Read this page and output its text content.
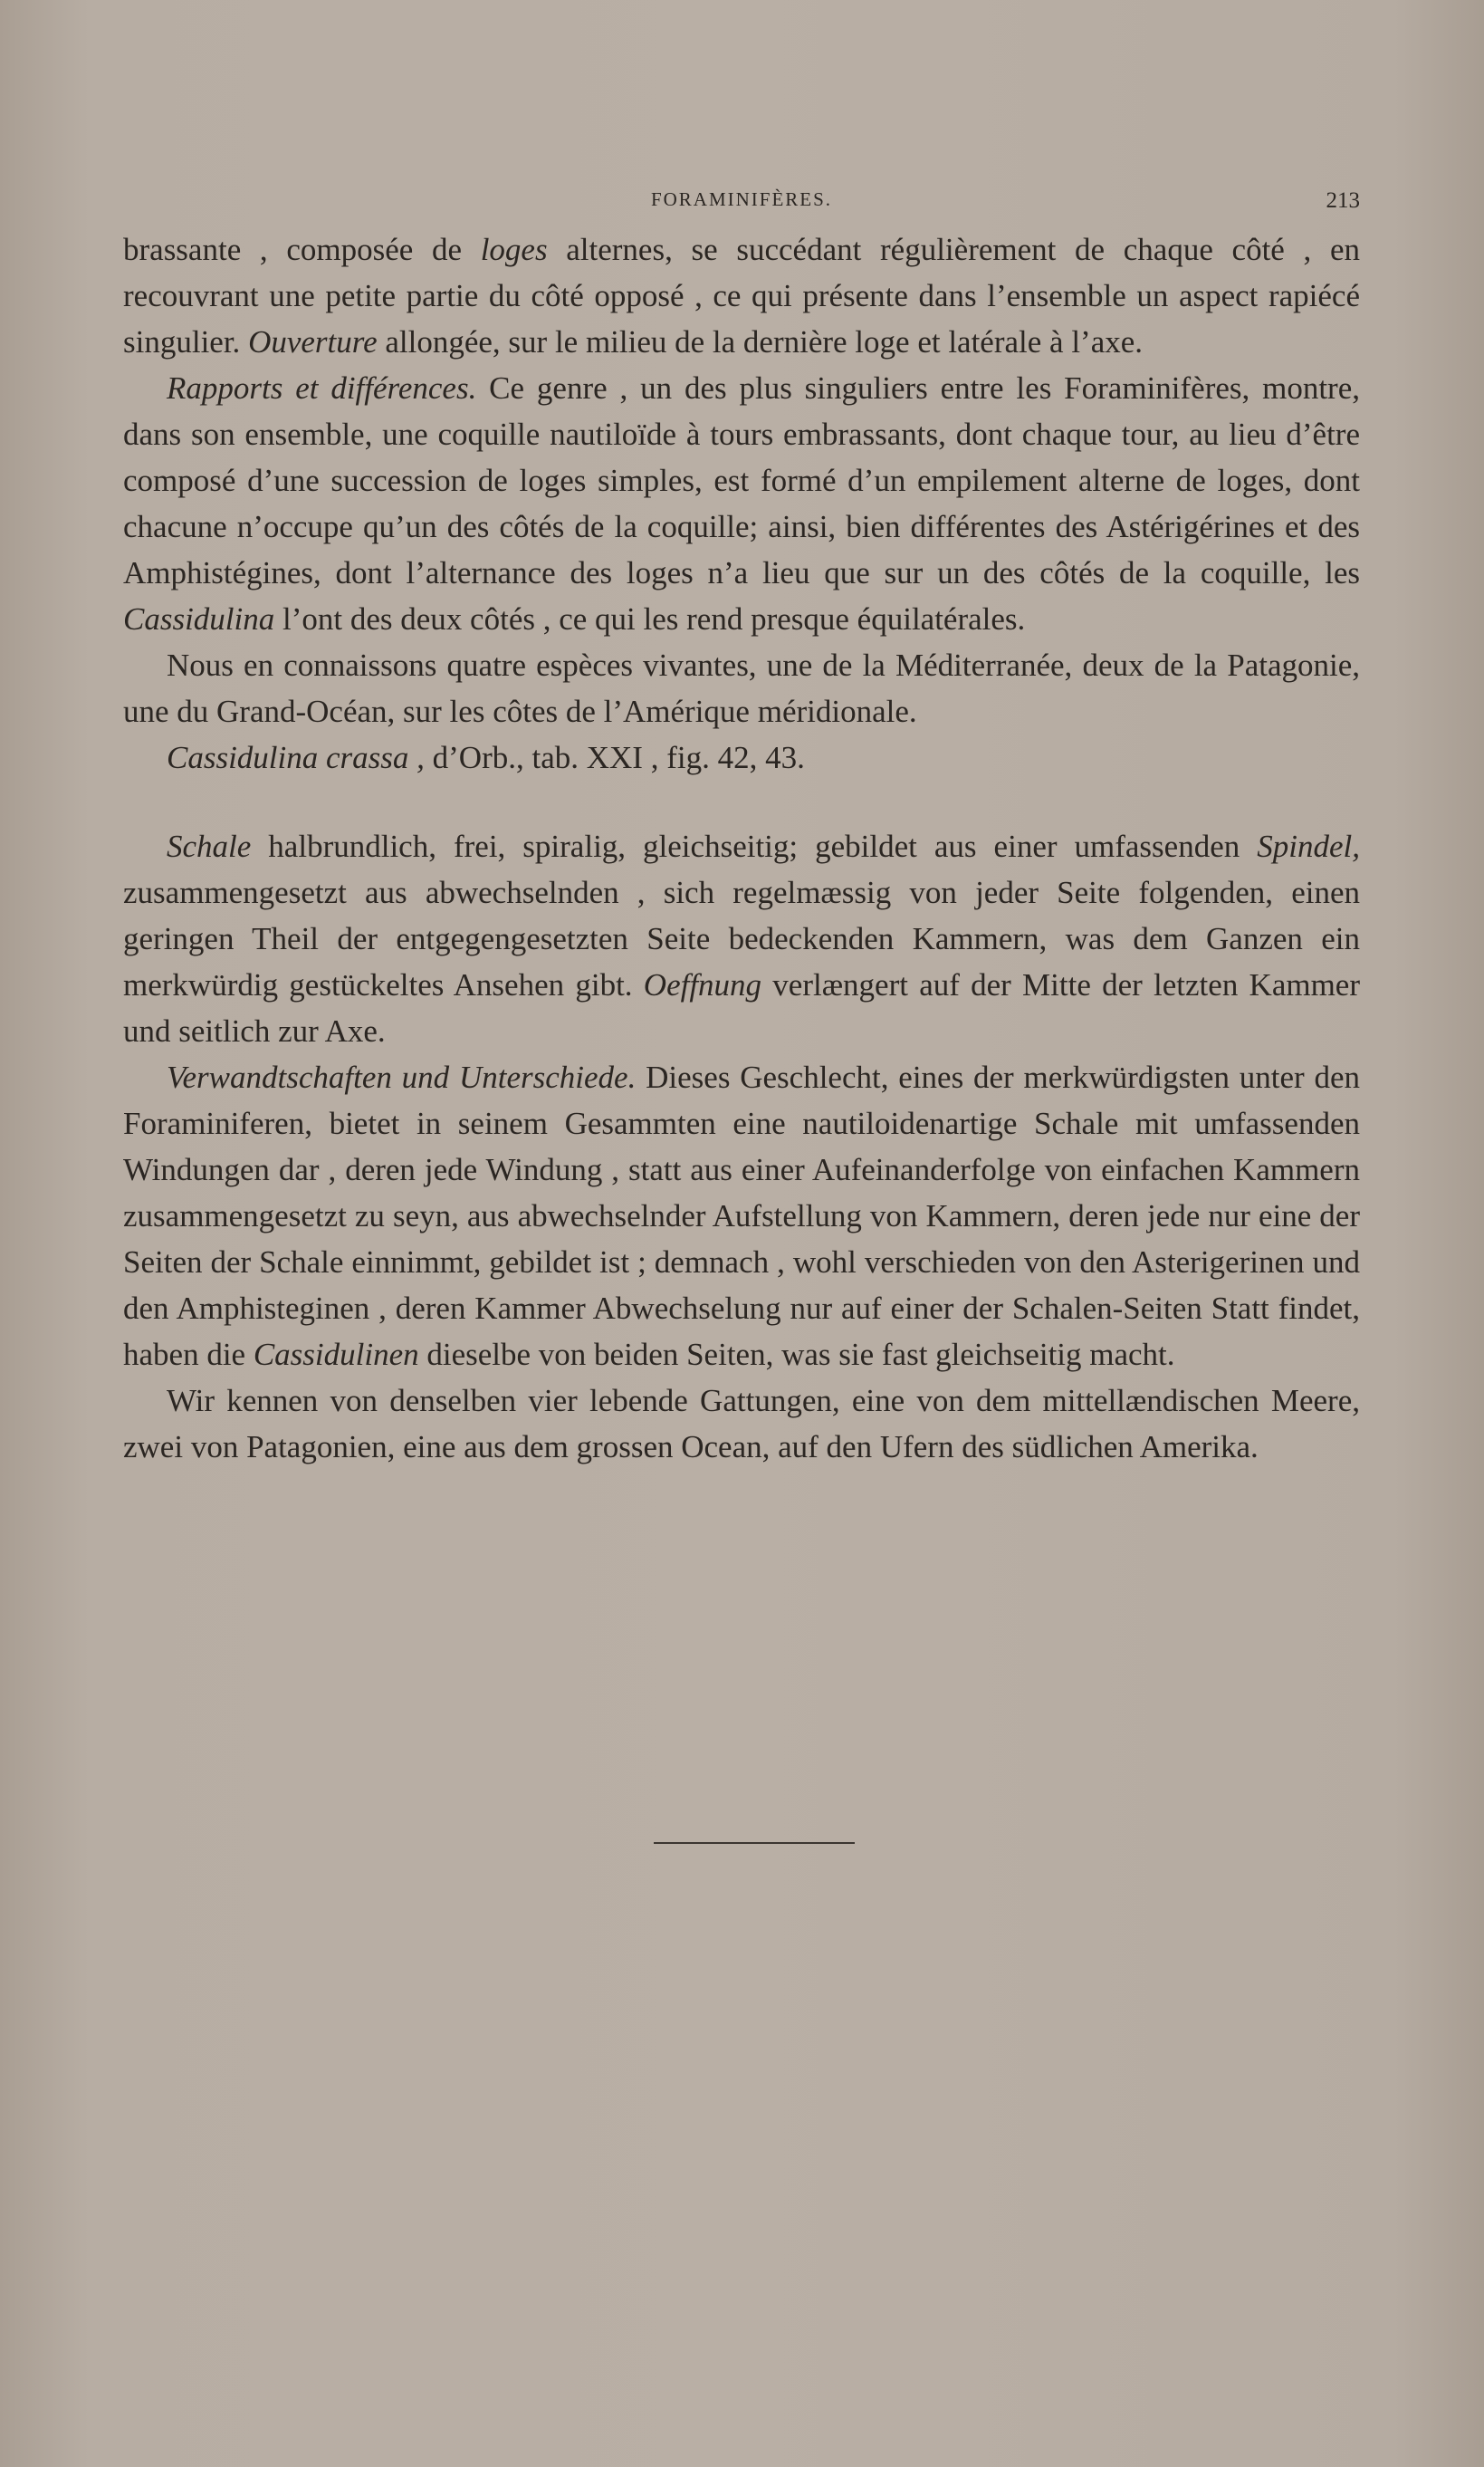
FORAMINIFÈRES.	213

brassante , composée de loges alternes, se succédant régulièrement de chaque côté , en recouvrant une petite partie du côté opposé , ce qui présente dans l’ensemble un aspect rapiécé singulier. Ouverture allongée, sur le milieu de la dernière loge et latérale à l’axe.

Rapports et différences. Ce genre , un des plus singuliers entre les Foraminifères, montre, dans son ensemble, une coquille nautiloïde à tours embrassants, dont chaque tour, au lieu d’être composé d’une succession de loges simples, est formé d’un empilement alterne de loges, dont chacune n’occupe qu’un des côtés de la coquille; ainsi, bien différentes des Astérigérines et des Amphistégines, dont l’alternance des loges n’a lieu que sur un des côtés de la coquille, les Cassidulina l’ont des deux côtés , ce qui les rend presque équilatérales.

Nous en connaissons quatre espèces vivantes, une de la Méditerranée, deux de la Patagonie, une du Grand-Océan, sur les côtes de l’Amérique méridionale.

Cassidulina crassa , d’Orb., tab. XXI , fig. 42, 43.

Schale halbrundlich, frei, spiralig, gleichseitig; gebildet aus einer umfassenden Spindel, zusammengesetzt aus abwechselnden , sich regelmæssig von jeder Seite folgenden, einen geringen Theil der entgegengesetzten Seite bedeckenden Kammern, was dem Ganzen ein merkwürdig gestückeltes Ansehen gibt. Oeffnung verlængert auf der Mitte der letzten Kammer und seitlich zur Axe.

Verwandtschaften und Unterschiede. Dieses Geschlecht, eines der merkwürdigsten unter den Foraminiferen, bietet in seinem Gesammten eine nautiloidenartige Schale mit umfassenden Windungen dar , deren jede Windung , statt aus einer Aufeinanderfolge von einfachen Kammern zusammengesetzt zu seyn, aus abwechselnder Aufstellung von Kammern, deren jede nur eine der Seiten der Schale einnimmt, gebildet ist ; demnach , wohl verschieden von den Asterigerinen und den Amphisteginen , deren Kammer Abwechselung nur auf einer der Schalen-Seiten Statt findet, haben die Cassidulinen dieselbe von beiden Seiten, was sie fast gleichseitig macht.

Wir kennen von denselben vier lebende Gattungen, eine von dem mittellændischen Meere, zwei von Patagonien, eine aus dem grossen Ocean, auf den Ufern des südlichen Amerika.
